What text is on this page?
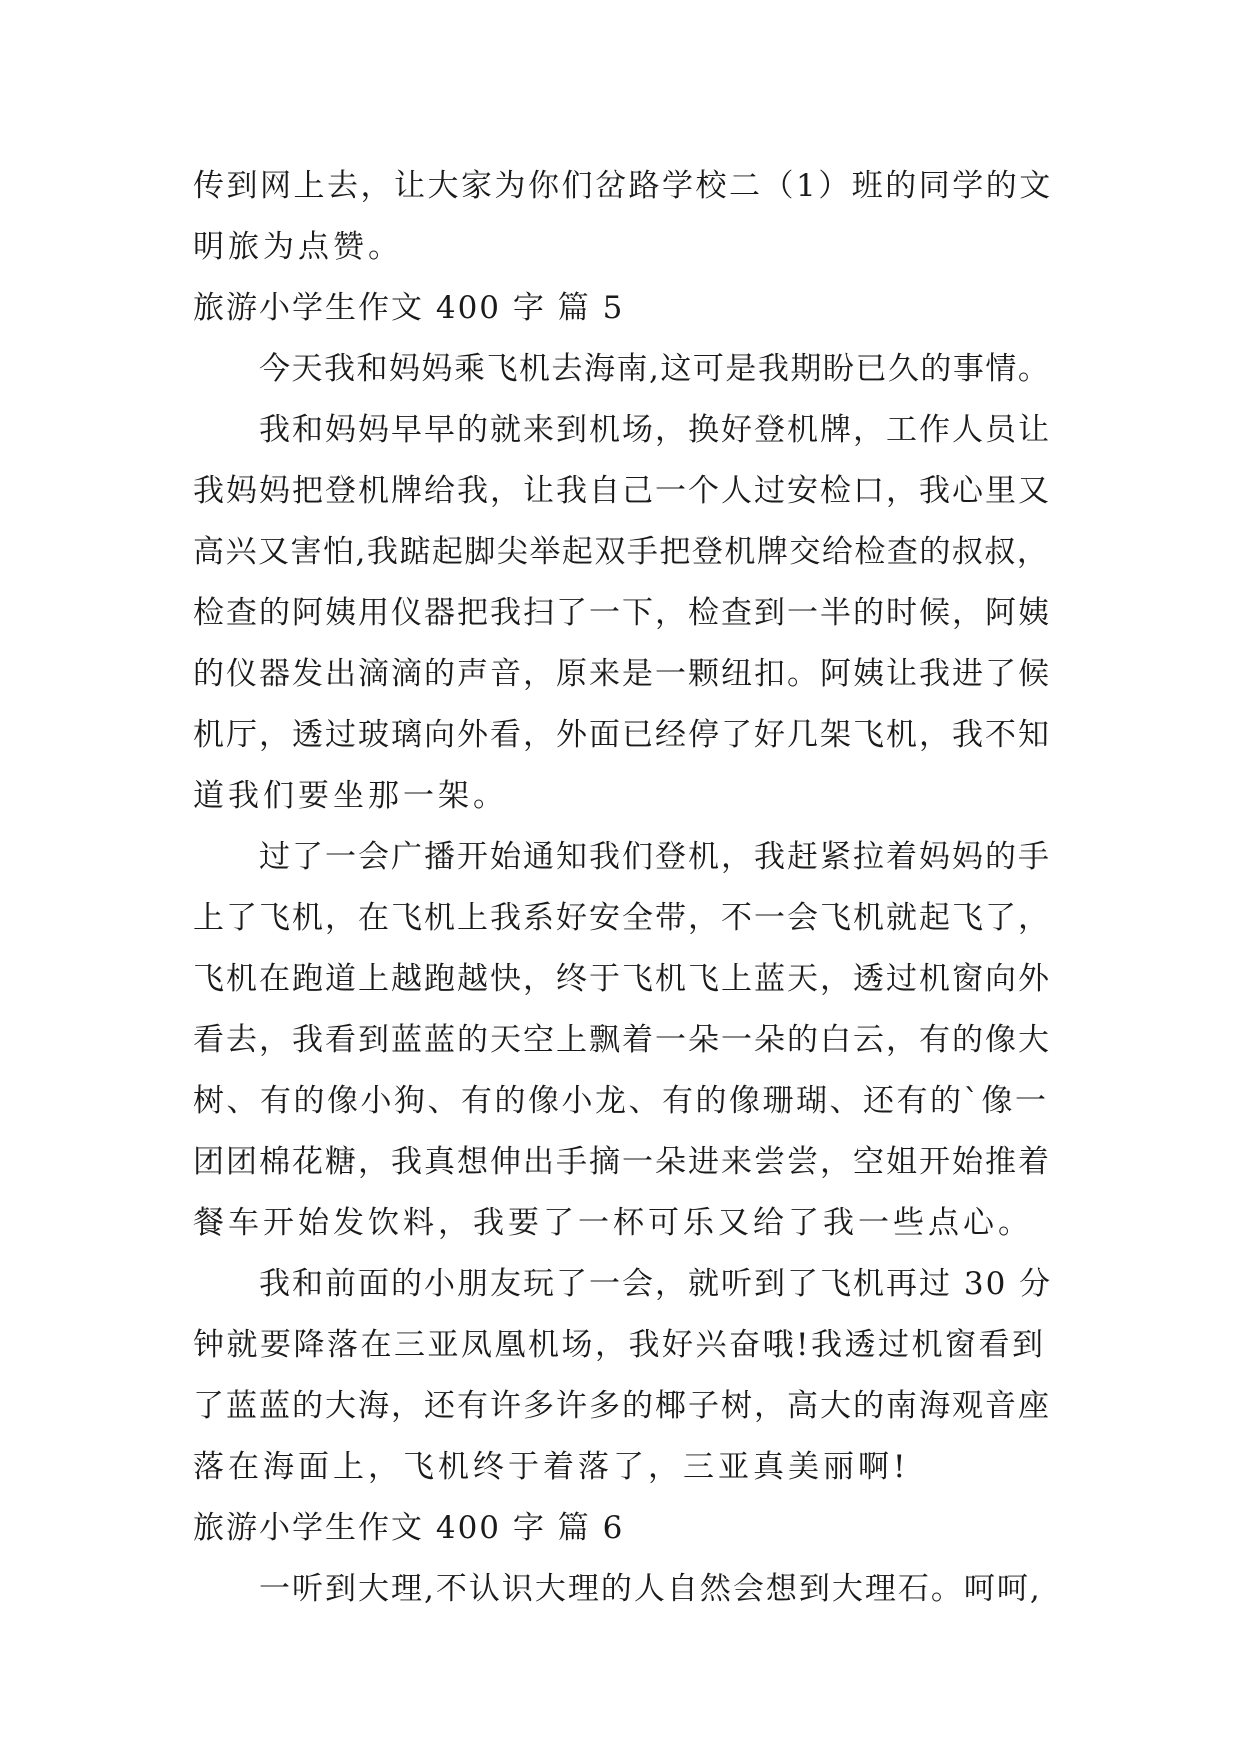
传到网上去，让大家为你们岔路学校二（1）班的同学的文
明旅为点赞。
旅游小学生作文 400 字 篇 5
今天我和妈妈乘飞机去海南,这可是我期盼已久的事情。
我和妈妈早早的就来到机场，换好登机牌，工作人员让
我妈妈把登机牌给我，让我自己一个人过安检口，我心里又
高兴又害怕,我踮起脚尖举起双手把登机牌交给检查的叔叔，
检查的阿姨用仪器把我扫了一下，检查到一半的时候，阿姨
的仪器发出滴滴的声音，原来是一颗纽扣。阿姨让我进了候
机厅，透过玻璃向外看，外面已经停了好几架飞机，我不知
道我们要坐那一架。
过了一会广播开始通知我们登机，我赶紧拉着妈妈的手
上了飞机，在飞机上我系好安全带，不一会飞机就起飞了，
飞机在跑道上越跑越快，终于飞机飞上蓝天，透过机窗向外
看去，我看到蓝蓝的天空上飘着一朵一朵的白云，有的像大
树、有的像小狗、有的像小龙、有的像珊瑚、还有的`像一
团团棉花糖，我真想伸出手摘一朵进来尝尝，空姐开始推着
餐车开始发饮料，我要了一杯可乐又给了我一些点心。
我和前面的小朋友玩了一会，就听到了飞机再过 30 分
钟就要降落在三亚凤凰机场，我好兴奋哦!我透过机窗看到
了蓝蓝的大海，还有许多许多的椰子树，高大的南海观音座
落在海面上，飞机终于着落了，三亚真美丽啊!
旅游小学生作文 400 字 篇 6
一听到大理,不认识大理的人自然会想到大理石。呵呵,
